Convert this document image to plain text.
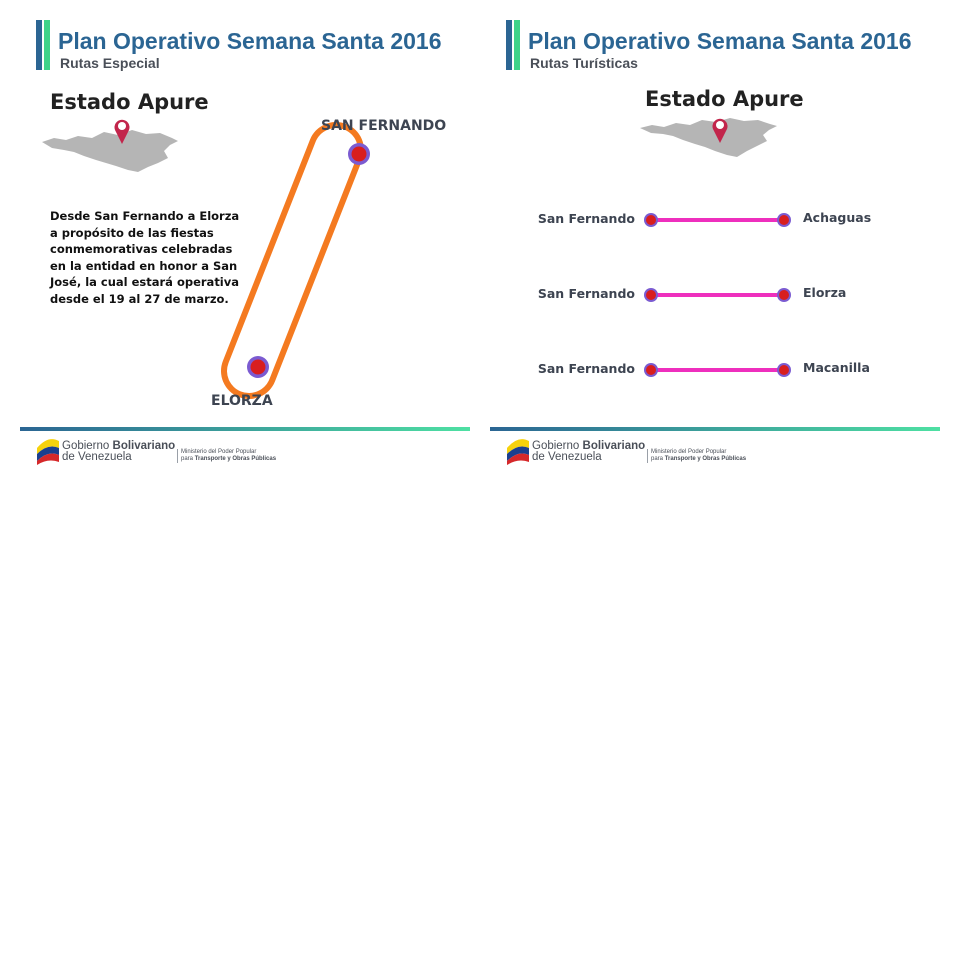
Plan Operativo Semana Santa 2016
Rutas Especial
Estado Apure
Desde San Fernando a Elorza a propósito de las fiestas conmemorativas celebradas en la entidad en honor a San José, la cual estará operativa desde el 19 al 27 de marzo.
SAN FERNANDO
ELORZA
Gobierno Bolivariano
de Venezuela	Ministerio del Poder Popular
para Transporte y Obras Públicas
Plan Operativo Semana Santa 2016
Rutas Turísticas
Estado Apure
San Fernando	Achaguas
San Fernando	Elorza
San Fernando	Macanilla
Gobierno Bolivariano
de Venezuela	Ministerio del Poder Popular
para Transporte y Obras Públicas
